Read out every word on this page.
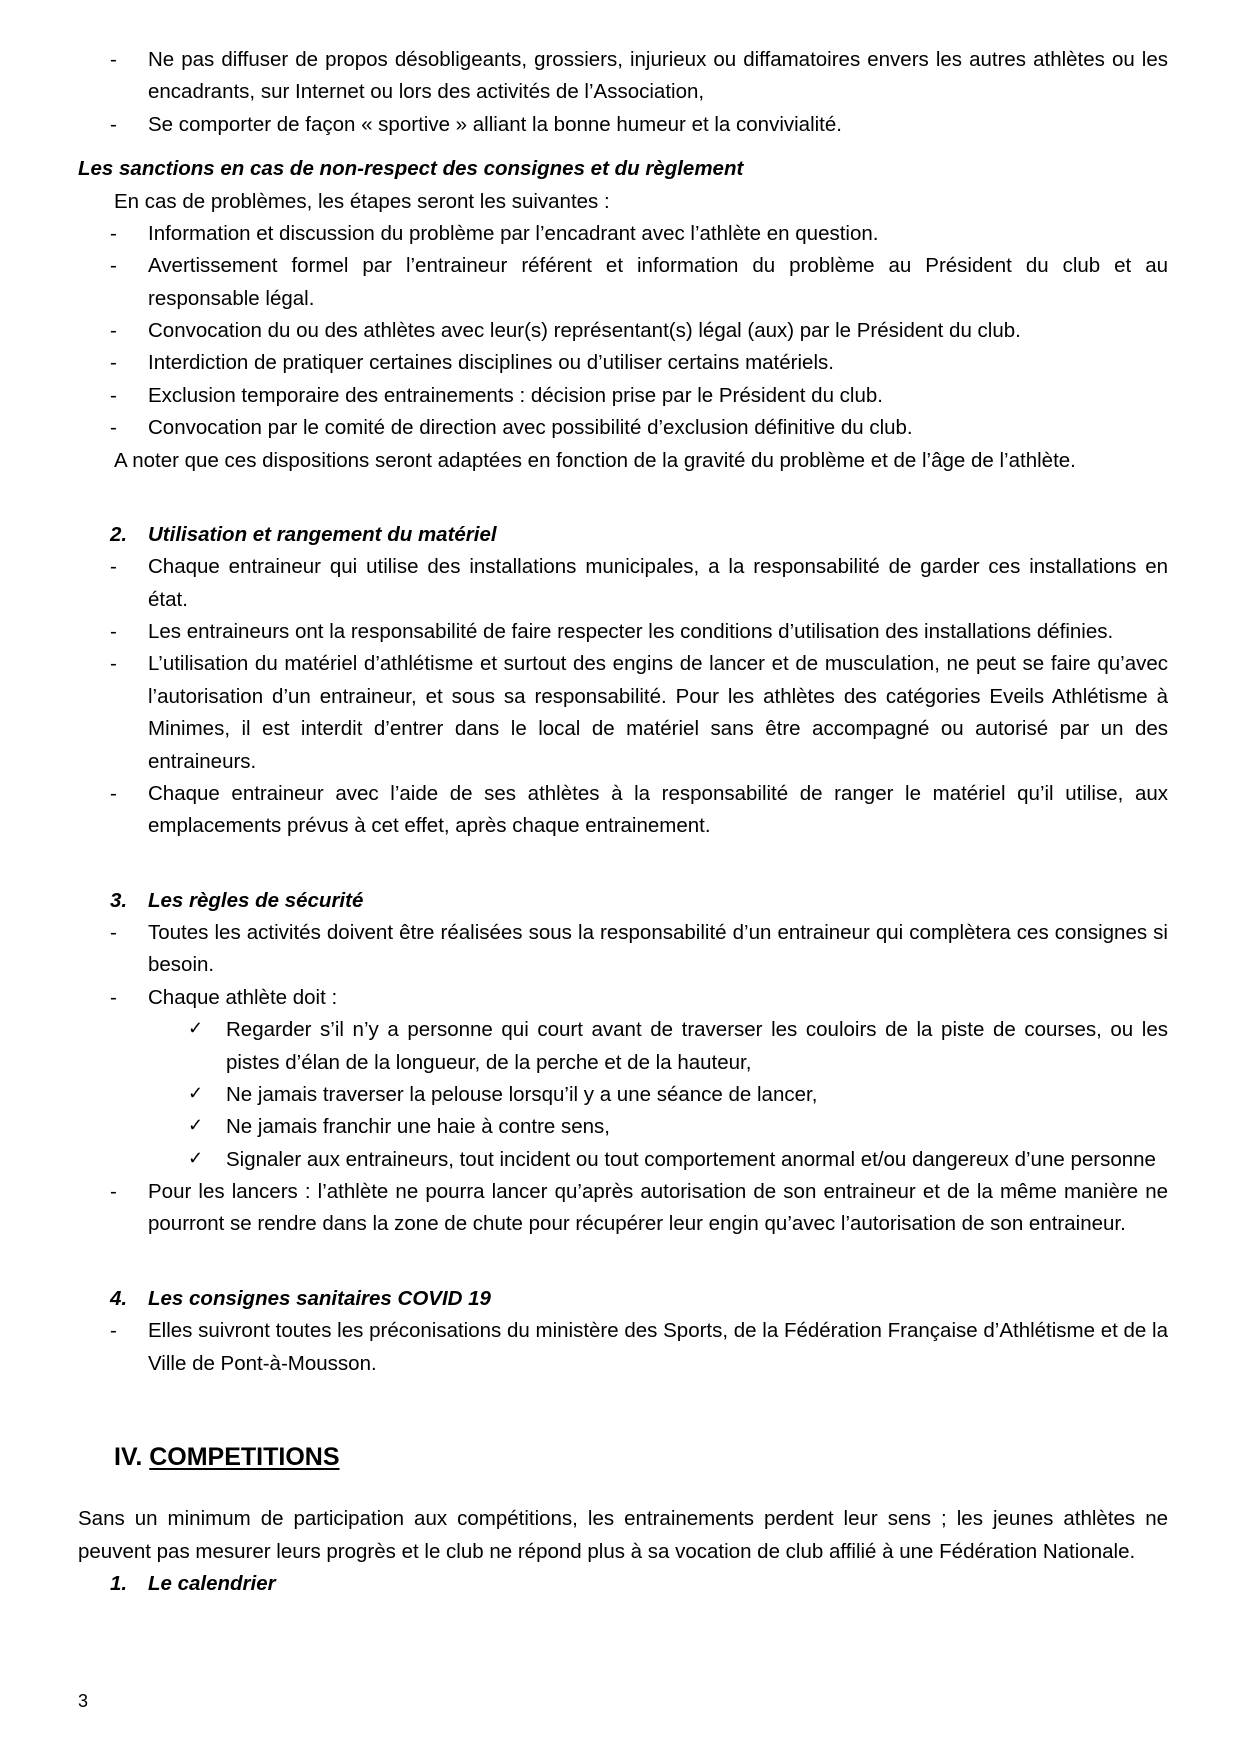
-	Ne pas diffuser de propos désobligeants, grossiers, injurieux ou diffamatoires envers les autres athlètes ou les encadrants, sur Internet ou lors des activités de l’Association,
-	Se comporter de façon « sportive » alliant la bonne humeur et la convivialité.

Les sanctions en cas de non-respect des consignes et du règlement

En cas de problèmes, les étapes seront les suivantes :

-	Information et discussion du problème par l’encadrant avec l’athlète en question.
-	Avertissement formel par l’entraineur référent et information du problème au Président du club et au responsable légal.
-	Convocation du ou des athlètes avec leur(s) représentant(s) légal (aux) par le Président du club.
-	Interdiction de pratiquer certaines disciplines ou d’utiliser certains matériels.
-	Exclusion temporaire des entrainements : décision prise par le Président du club.
-	Convocation par le comité de direction avec possibilité d’exclusion définitive du club.

A noter que ces dispositions seront adaptées en fonction de la gravité du problème et de l’âge de l’athlète.

2. Utilisation et rangement du matériel

-	Chaque entraineur qui utilise des installations municipales, a la responsabilité de garder ces installations en état.
-	Les entraineurs ont la responsabilité de faire respecter les conditions d’utilisation des installations définies.
-	L’utilisation du matériel d’athlétisme et surtout des engins de lancer et de musculation, ne peut se faire qu’avec l’autorisation d’un entraineur, et sous sa responsabilité. Pour les athlètes des catégories Eveils Athlétisme à Minimes, il est interdit d’entrer dans le local de matériel sans être accompagné ou autorisé par un des entraineurs.
-	Chaque entraineur avec l’aide de ses athlètes à la responsabilité de ranger le matériel qu’il utilise, aux emplacements prévus à cet effet, après chaque entrainement.

3. Les règles de sécurité

-	Toutes les activités doivent être réalisées sous la responsabilité d’un entraineur qui complètera ces consignes si besoin.
-	Chaque athlète doit :
✓ Regarder s’il n’y a personne qui court avant de traverser les couloirs de la piste de courses, ou les pistes d’élan de la longueur, de la perche et de la hauteur,
✓ Ne jamais traverser la pelouse lorsqu’il y a une séance de lancer,
✓ Ne jamais franchir une haie à contre sens,
✓ Signaler aux entraineurs, tout incident ou tout comportement anormal et/ou dangereux d’une personne
-	Pour les lancers : l’athlète ne pourra lancer qu’après autorisation de son entraineur et de la même manière ne pourront se rendre dans la zone de chute pour récupérer leur engin qu’avec l’autorisation de son entraineur.

4. Les consignes sanitaires COVID 19

-	Elles suivront toutes les préconisations du ministère des Sports, de la Fédération Française d’Athlétisme et de la Ville de Pont-à-Mousson.

IV. COMPETITIONS

Sans un minimum de participation aux compétitions, les entrainements perdent leur sens ; les jeunes athlètes ne peuvent pas mesurer leurs progrès et le club ne répond plus à sa vocation de club affilié à une Fédération Nationale.

1. Le calendrier

3
